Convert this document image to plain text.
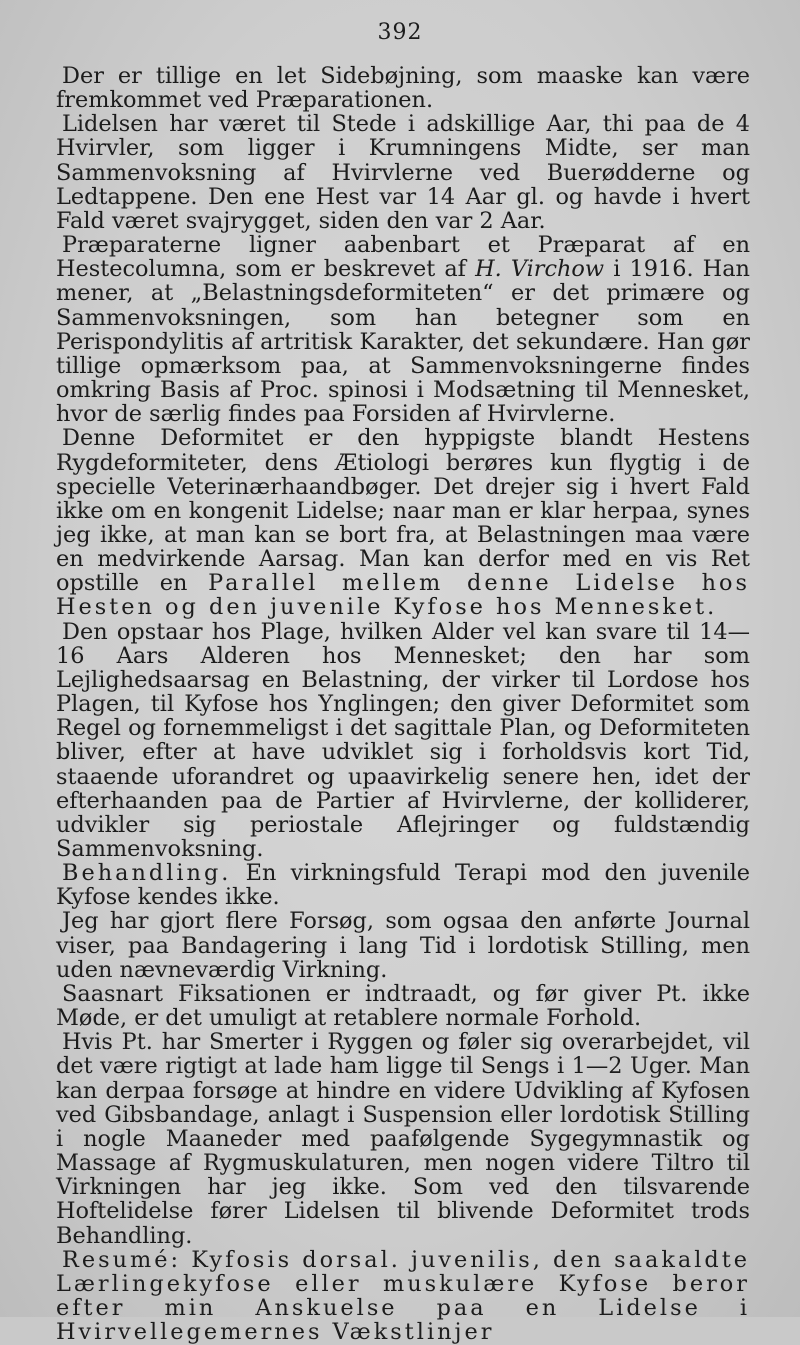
392

Der er tillige en let Sidebøjning, som maaske kan være fremkommet ved Præparationen.

Lidelsen har været til Stede i adskillige Aar, thi paa de 4 Hvirvler, som ligger i Krumningens Midte, ser man Sammenvoksning af Hvirvlerne ved Buerødderne og Ledtappene. Den ene Hest var 14 Aar gl. og havde i hvert Fald været svajrygget, siden den var 2 Aar.

Præparaterne ligner aabenbart et Præparat af en Hestecolumna, som er beskrevet af H. Virchow i 1916. Han mener, at „Belastningsdeformiteten“ er det primære og Sammenvoksningen, som han betegner som en Perispondylitis af artritisk Karakter, det sekundære. Han gør tillige opmærksom paa, at Sammenvoksningerne findes omkring Basis af Proc. spinosi i Modsætning til Mennesket, hvor de særlig findes paa Forsiden af Hvirvlerne.

Denne Deformitet er den hyppigste blandt Hestens Rygdeformiteter, dens Ætiologi berøres kun flygtig i de specielle Veterinærhaandbøger. Det drejer sig i hvert Fald ikke om en kongenit Lidelse; naar man er klar herpaa, synes jeg ikke, at man kan se bort fra, at Belastningen maa være en medvirkende Aarsag. Man kan derfor med en vis Ret opstille en Parallel mellem denne Lidelse hos Hesten og den juvenile Kyfose hos Mennesket.

Den opstaar hos Plage, hvilken Alder vel kan svare til 14—16 Aars Alderen hos Mennesket; den har som Lejlighedsaarsag en Belastning, der virker til Lordose hos Plagen, til Kyfose hos Ynglingen; den giver Deformitet som Regel og fornemmeligst i det sagittale Plan, og Deformiteten bliver, efter at have udviklet sig i forholdsvis kort Tid, staaende uforandret og upaavirkelig senere hen, idet der efterhaanden paa de Partier af Hvirvlerne, der kolliderer, udvikler sig periostale Aflejringer og fuldstændig Sammenvoksning.

Behandling. En virkningsfuld Terapi mod den juvenile Kyfose kendes ikke.

Jeg har gjort flere Forsøg, som ogsaa den anførte Journal viser, paa Bandagering i lang Tid i lordotisk Stilling, men uden nævneværdig Virkning.

Saasnart Fiksationen er indtraadt, og før giver Pt. ikke Møde, er det umuligt at retablere normale Forhold.

Hvis Pt. har Smerter i Ryggen og føler sig overarbejdet, vil det være rigtigt at lade ham ligge til Sengs i 1—2 Uger. Man kan derpaa forsøge at hindre en videre Udvikling af Kyfosen ved Gibsbandage, anlagt i Suspension eller lordotisk Stilling i nogle Maaneder med paafølgende Sygegymnastik og Massage af Rygmuskulaturen, men nogen videre Tiltro til Virkningen har jeg ikke. Som ved den tilsvarende Hoftelidelse fører Lidelsen til blivende Deformitet trods Behandling.

Resumé: Kyfosis dorsal. juvenilis, den saakaldte Lærlingekyfose eller muskulære Kyfose beror efter min Anskuelse paa en Lidelse i Hvirvellegemernes Vækstlinjer
